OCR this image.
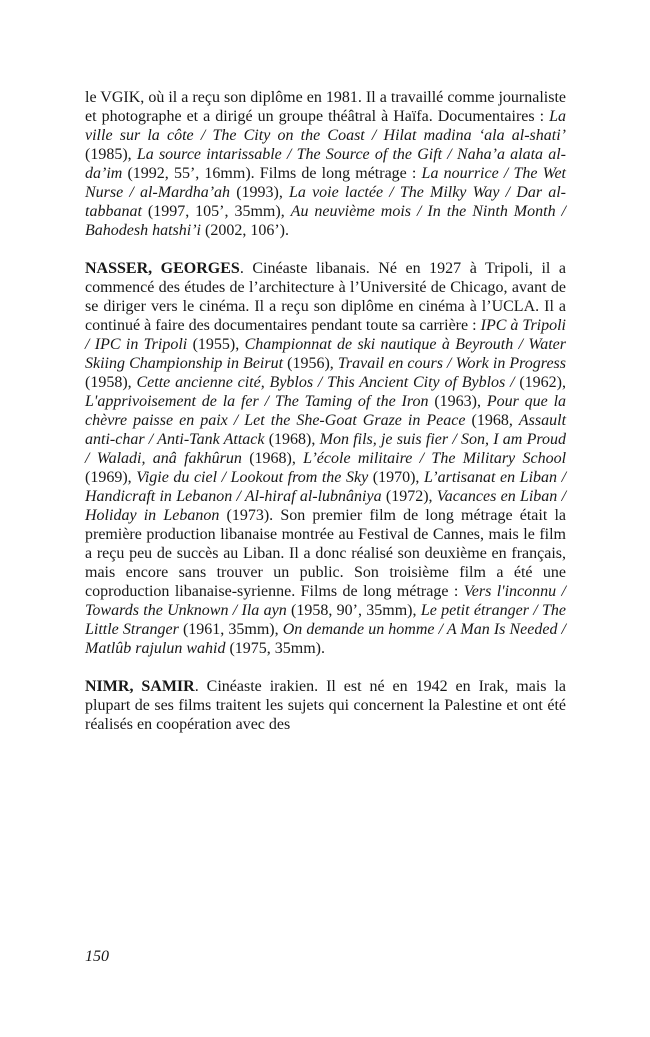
le VGIK, où il a reçu son diplôme en 1981. Il a travaillé comme journaliste et photographe et a dirigé un groupe théâtral à Haïfa. Documentaires : La ville sur la côte / The City on the Coast / Hilat madina ‘ala al-shati’ (1985), La source intarissable / The Source of the Gift / Naha’a alata al-da’im (1992, 55’, 16mm). Films de long métrage : La nourrice / The Wet Nurse / al-Mardha’ah (1993), La voie lactée / The Milky Way / Dar al-tabbanat (1997, 105’, 35mm), Au neuvième mois / In the Ninth Month / Bahodesh hatshi’i (2002, 106’).

NASSER, GEORGES. Cinéaste libanais. Né en 1927 à Tripoli, il a commencé des études de l’architecture à l’Université de Chicago, avant de se diriger vers le cinéma. Il a reçu son diplôme en cinéma à l’UCLA. Il a continué à faire des documentaires pendant toute sa carrière : IPC à Tripoli / IPC in Tripoli (1955), Championnat de ski nautique à Beyrouth / Water Skiing Championship in Beirut (1956), Travail en cours / Work in Progress (1958), Cette ancienne cité, Byblos / This Ancient City of Byblos / (1962), L'apprivoisement de la fer / The Taming of the Iron (1963), Pour que la chèvre paisse en paix / Let the She-Goat Graze in Peace (1968, Assault anti-char / Anti-Tank Attack (1968), Mon fils, je suis fier / Son, I am Proud / Waladi, anâ fakhûrun (1968), L’école militaire / The Military School (1969), Vigie du ciel / Lookout from the Sky (1970), L’artisanat en Liban / Handicraft in Lebanon / Al-hiraf al-lubnâniya (1972), Vacances en Liban / Holiday in Lebanon (1973). Son premier film de long métrage était la première production libanaise montrée au Festival de Cannes, mais le film a reçu peu de succès au Liban. Il a donc réalisé son deuxième en français, mais encore sans trouver un public. Son troisième film a été une coproduction libanaise-syrienne. Films de long métrage : Vers l'inconnu / Towards the Unknown / Ila ayn (1958, 90’, 35mm), Le petit étranger / The Little Stranger (1961, 35mm), On demande un homme / A Man Is Needed / Matlûb rajulun wahid (1975, 35mm).

NIMR, SAMIR. Cinéaste irakien. Il est né en 1942 en Irak, mais la plupart de ses films traitent les sujets qui concernent la Palestine et ont été réalisés en coopération avec des

150
